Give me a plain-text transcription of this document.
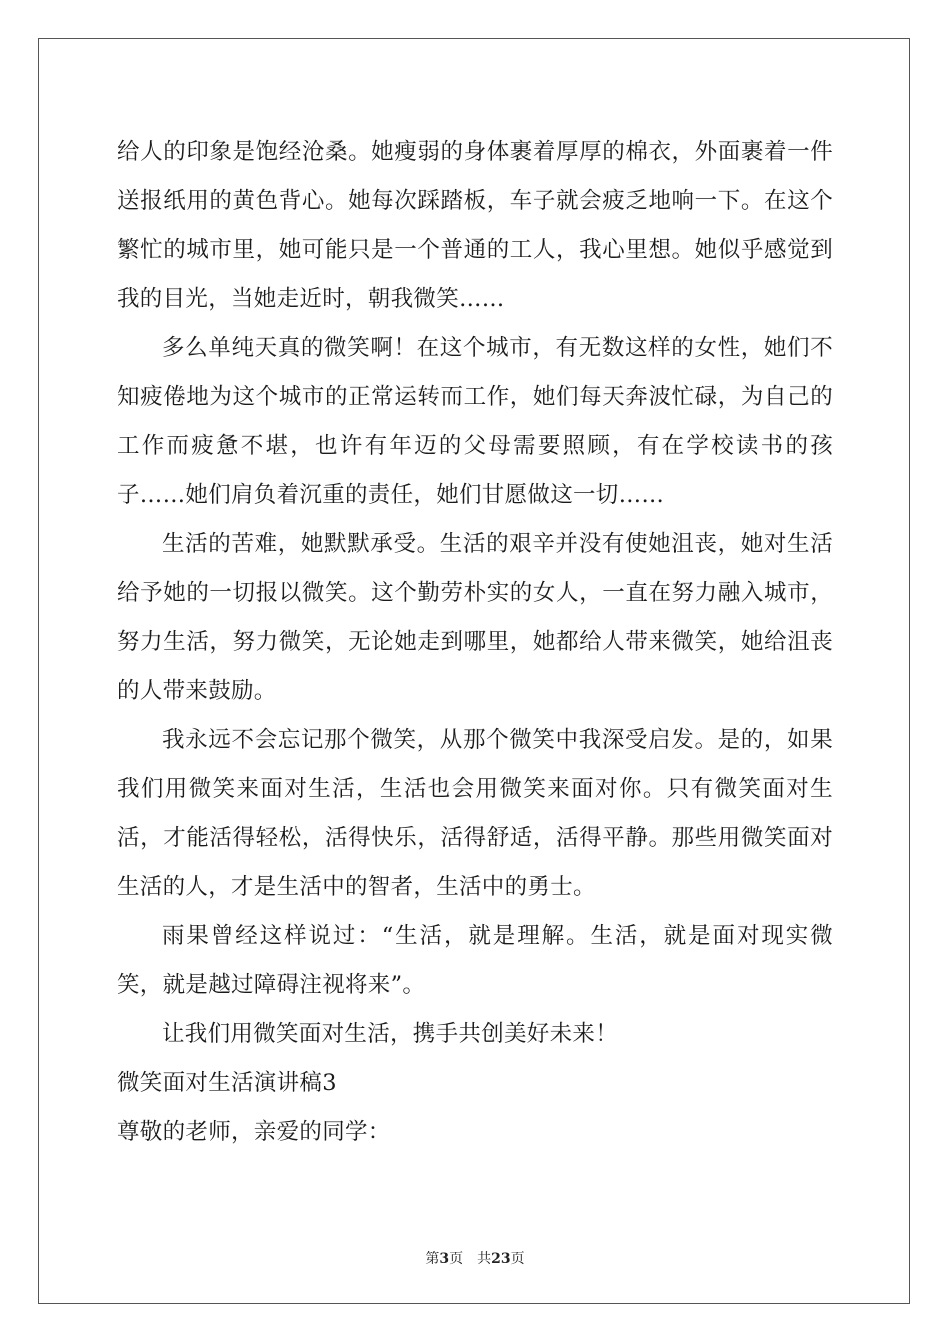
给人的印象是饱经沧桑。她瘦弱的身体裹着厚厚的棉衣，外面裹着一件送报纸用的黄色背心。她每次踩踏板，车子就会疲乏地响一下。在这个繁忙的城市里，她可能只是一个普通的工人，我心里想。她似乎感觉到我的目光，当她走近时，朝我微笑……

多么单纯天真的微笑啊！在这个城市，有无数这样的女性，她们不知疲倦地为这个城市的正常运转而工作，她们每天奔波忙碌，为自己的工作而疲惫不堪，也许有年迈的父母需要照顾，有在学校读书的孩子……她们肩负着沉重的责任，她们甘愿做这一切……

生活的苦难，她默默承受。生活的艰辛并没有使她沮丧，她对生活给予她的一切报以微笑。这个勤劳朴实的女人，一直在努力融入城市，努力生活，努力微笑，无论她走到哪里，她都给人带来微笑，她给沮丧的人带来鼓励。

我永远不会忘记那个微笑，从那个微笑中我深受启发。是的，如果我们用微笑来面对生活，生活也会用微笑来面对你。只有微笑面对生活，才能活得轻松，活得快乐，活得舒适，活得平静。那些用微笑面对生活的人，才是生活中的智者，生活中的勇士。

雨果曾经这样说过：“生活，就是理解。生活，就是面对现实微笑，就是越过障碍注视将来”。

让我们用微笑面对生活，携手共创美好未来！

微笑面对生活演讲稿3

尊敬的老师，亲爱的同学：

第3页 共23页
